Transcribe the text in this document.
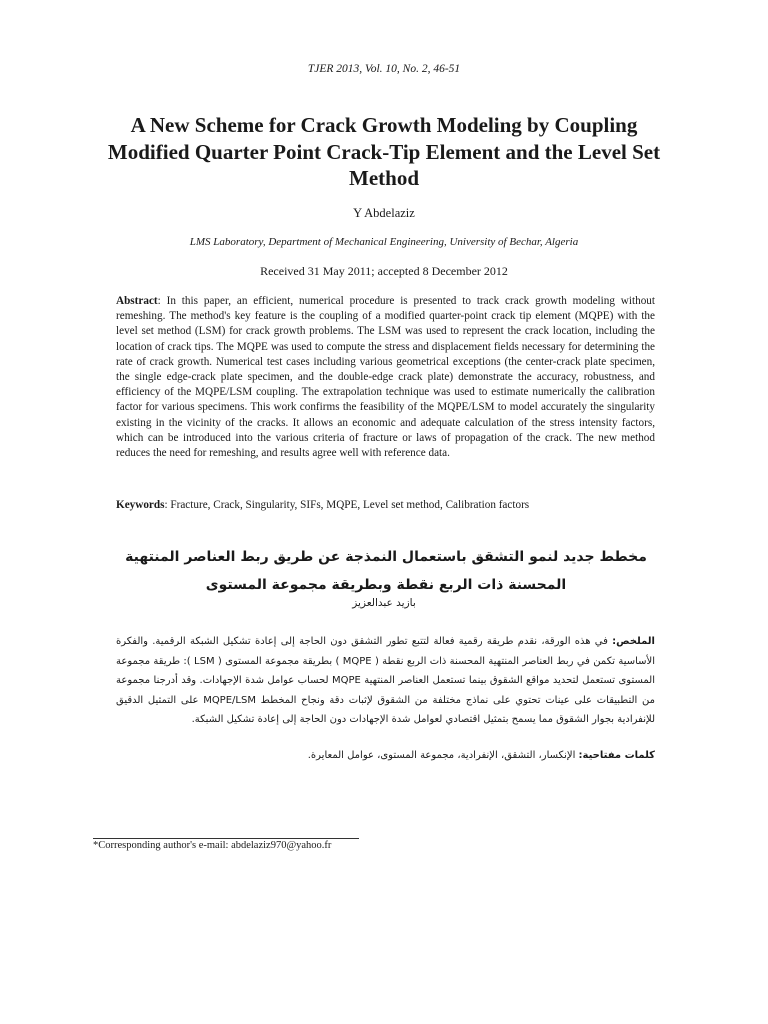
TJER 2013, Vol. 10, No. 2, 46-51
A New Scheme for Crack Growth Modeling by Coupling Modified Quarter Point Crack-Tip Element and the Level Set Method
Y Abdelaziz
LMS Laboratory, Department of Mechanical Engineering, University of Bechar, Algeria
Received 31 May 2011; accepted 8 December 2012

Abstract: In this paper, an efficient, numerical procedure is presented to track crack growth modeling without remeshing. The method's key feature is the coupling of a modified quarter-point crack tip element (MQPE) with the level set method (LSM) for crack growth problems. The LSM was used to represent the crack location, including the location of crack tips. The MQPE was used to compute the stress and displacement fields necessary for determining the rate of crack growth. Numerical test cases including various geometrical exceptions (the center-crack plate specimen, the single edge-crack plate specimen, and the double-edge crack plate) demonstrate the accuracy, robustness, and efficiency of the MQPE/LSM coupling. The extrapolation technique was used to estimate numerically the calibration factor for various specimens. This work confirms the feasibility of the MQPE/LSM to model accurately the singularity existing in the vicinity of the cracks. It allows an economic and adequate calculation of the stress intensity factors, which can be introduced into the various criteria of fracture or laws of propagation of the crack. The new method reduces the need for remeshing, and results agree well with reference data.

Keywords: Fracture, Crack, Singularity, SIFs, MQPE, Level set method, Calibration factors
مخطط جديد لنمو التشقق باستعمال النمذجة عن طريق ربط العناصر المنتهية المحسنة ذات الربع نقطة وبطريقة مجموعة المستوى
بازيد عبدالعزيز

الملخص: في هذه الورقة، نقدم طريقة رقمية فعالة لتتبع تطور التشقق دون الحاجة إلى إعادة تشكيل الشبكة الرقمية. والفكرة الأساسية تكمن في ربط العناصر المنتهية المحسنة ذات الربع نقطة ( MQPE ) بطريقة مجموعة المستوى ( LSM ): طريقة مجموعة المستوى تستعمل لتحديد مواقع الشقوق بينما تستعمل العناصر المنتهية MQPE لحساب عوامل شدة الإجهادات. وقد أدرجنا مجموعة من التطبيقات على عينات تحتوي على نماذج مختلفة من الشقوق لإثبات دقة ونجاح المخطط MQPE/LSM على التمثيل الدقيق للإنفرادية بجوار الشقوق مما يسمح بتمثيل اقتصادي لعوامل شدة الإجهادات دون الحاجة إلى إعادة تشكيل الشبكة.

كلمات مفتاحية: الإنكسار، التشقق، الإنفرادية، مجموعة المستوى، عوامل المعايرة.
*Corresponding author's e-mail: abdelaziz970@yahoo.fr
